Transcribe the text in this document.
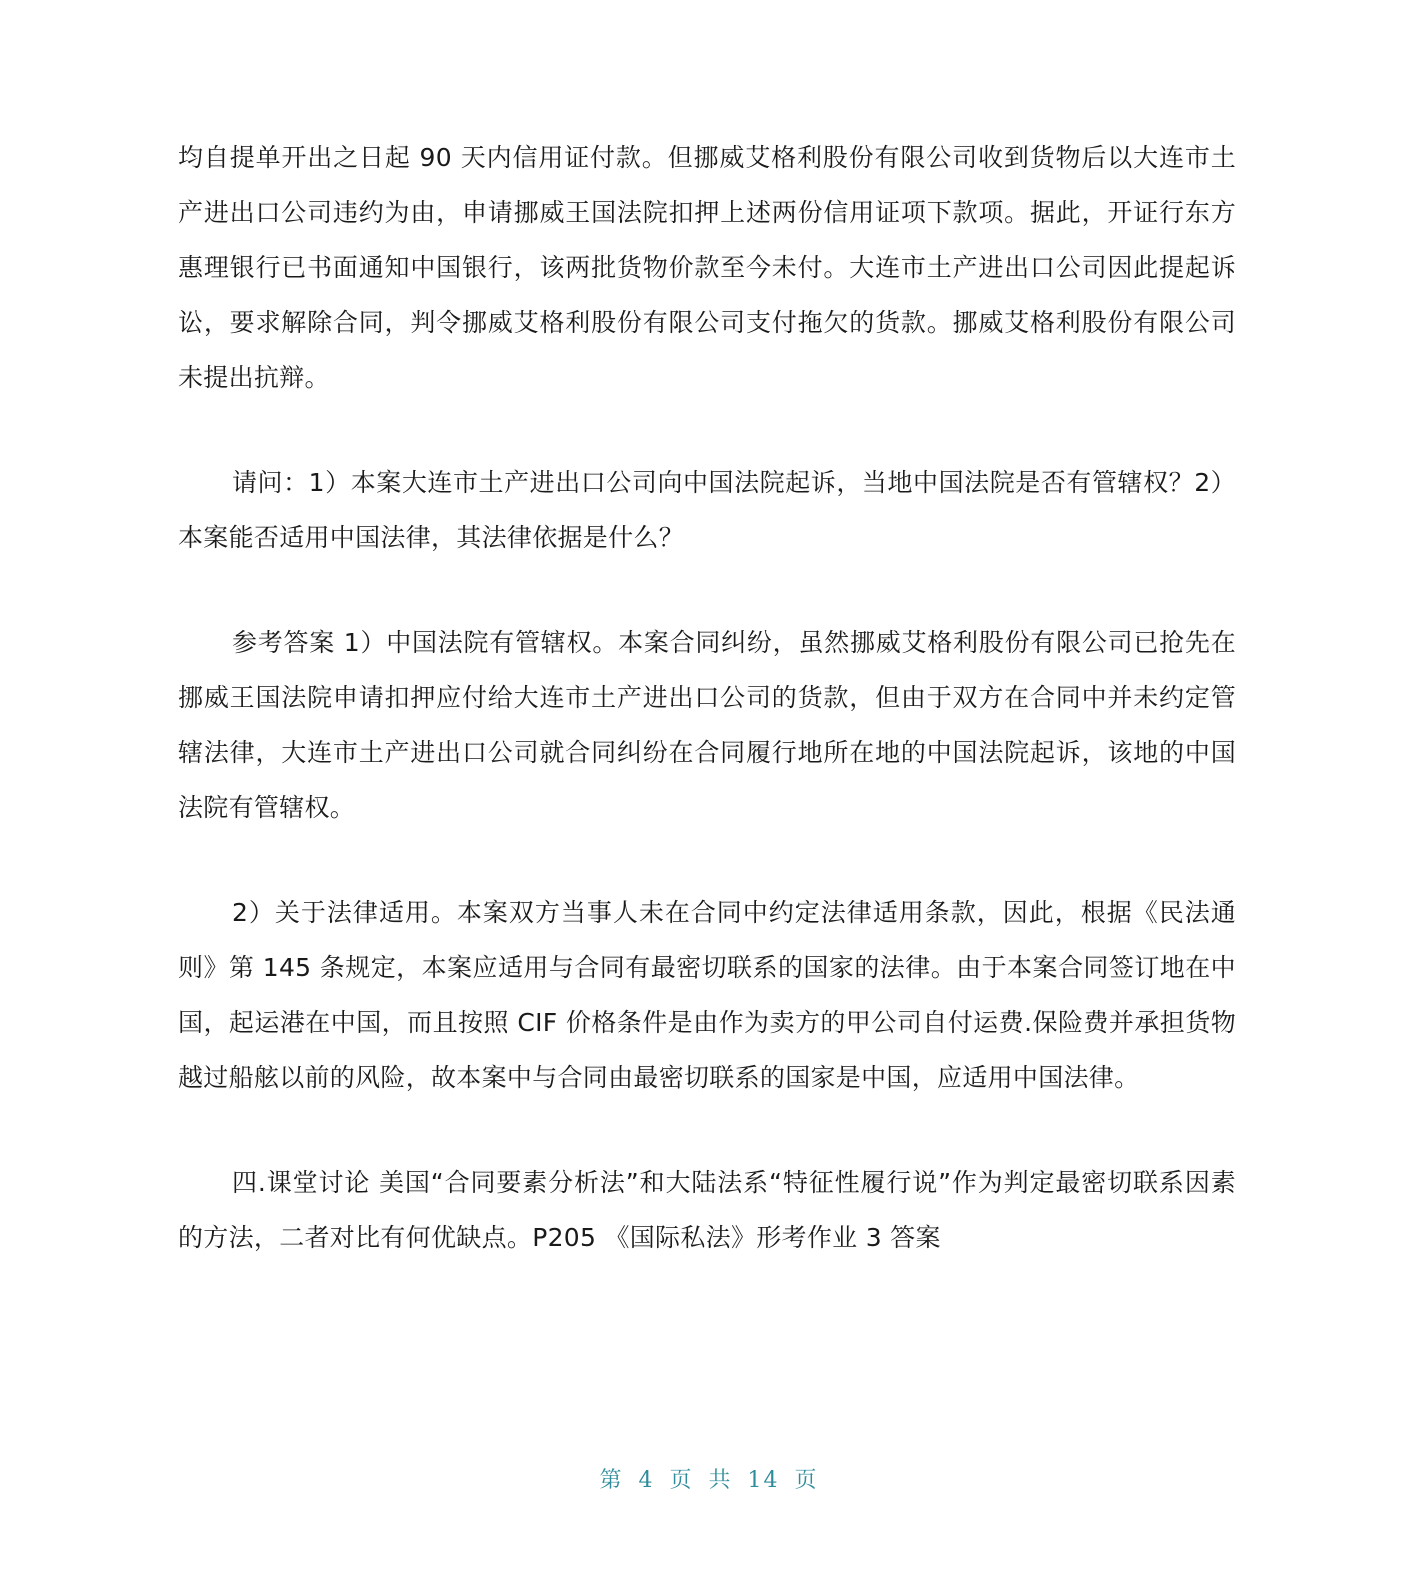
均自提单开出之日起 90 天内信用证付款。但挪威艾格利股份有限公司收到货物后以大连市土产进出口公司违约为由，申请挪威王国法院扣押上述两份信用证项下款项。据此，开证行东方惠理银行已书面通知中国银行，该两批货物价款至今未付。大连市土产进出口公司因此提起诉讼，要求解除合同，判令挪威艾格利股份有限公司支付拖欠的货款。挪威艾格利股份有限公司未提出抗辩。

请问：1）本案大连市土产进出口公司向中国法院起诉，当地中国法院是否有管辖权？2）本案能否适用中国法律，其法律依据是什么？

参考答案 1）中国法院有管辖权。本案合同纠纷，虽然挪威艾格利股份有限公司已抢先在挪威王国法院申请扣押应付给大连市土产进出口公司的货款，但由于双方在合同中并未约定管辖法律，大连市土产进出口公司就合同纠纷在合同履行地所在地的中国法院起诉，该地的中国法院有管辖权。

2）关于法律适用。本案双方当事人未在合同中约定法律适用条款，因此，根据《民法通则》第 145 条规定，本案应适用与合同有最密切联系的国家的法律。由于本案合同签订地在中国，起运港在中国，而且按照 CIF 价格条件是由作为卖方的甲公司自付运费.保险费并承担货物越过船舷以前的风险，故本案中与合同由最密切联系的国家是中国，应适用中国法律。

四.课堂讨论 美国“合同要素分析法”和大陆法系“特征性履行说”作为判定最密切联系因素的方法，二者对比有何优缺点。P205 《国际私法》形考作业 3 答案

第 4 页 共 14 页
